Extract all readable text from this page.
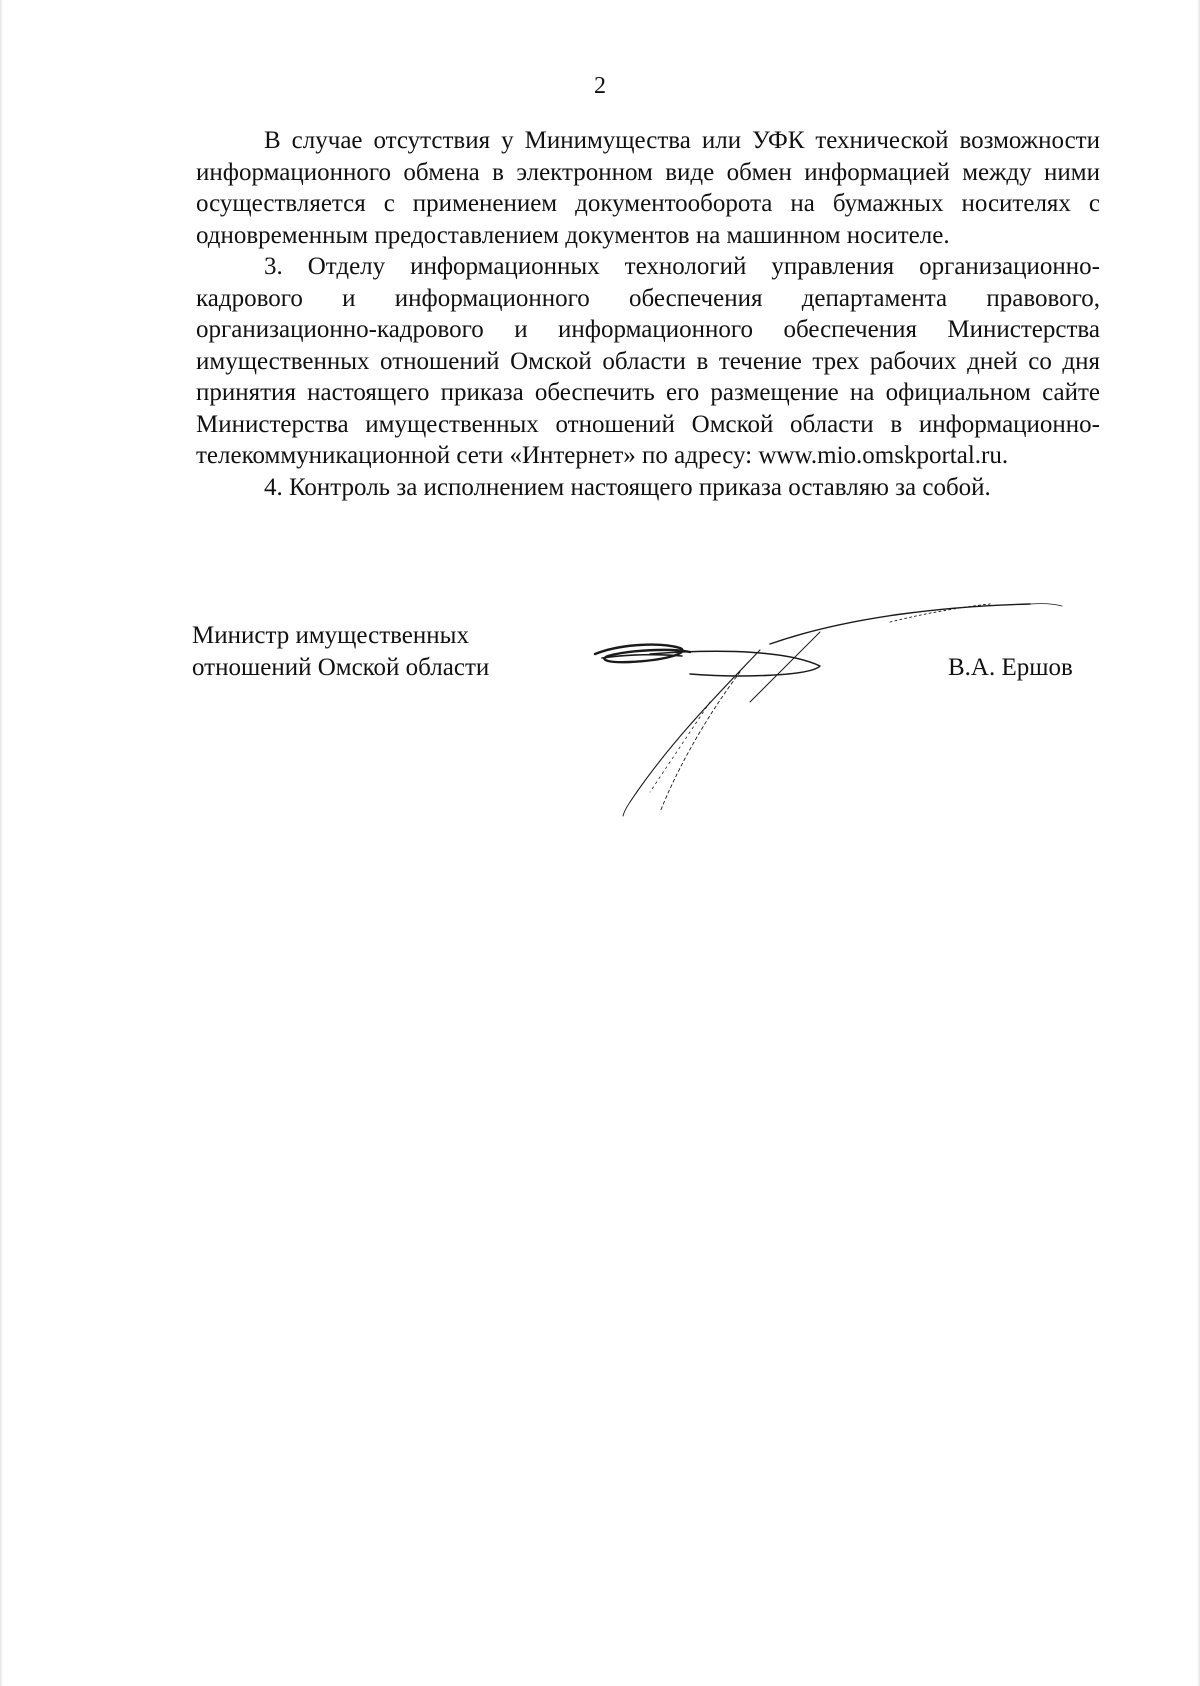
2

В случае отсутствия у Минимущества или УФК технической возможности информационного обмена в электронном виде обмен информацией между ними осуществляется с применением документооборота на бумажных носителях с одновременным предоставлением документов на машинном носителе.

3. Отделу информационных технологий управления организационно-кадрового и информационного обеспечения департамента правового, организационно-кадрового и информационного обеспечения Министерства имущественных отношений Омской области в течение трех рабочих дней со дня принятия настоящего приказа обеспечить его размещение на официальном сайте Министерства имущественных отношений Омской области в информационно-телекоммуникационной сети «Интернет» по адресу: www.mio.omskportal.ru.

4. Контроль за исполнением настоящего приказа оставляю за собой.

Министр имущественных
отношений Омской области	В.А. Ершов
